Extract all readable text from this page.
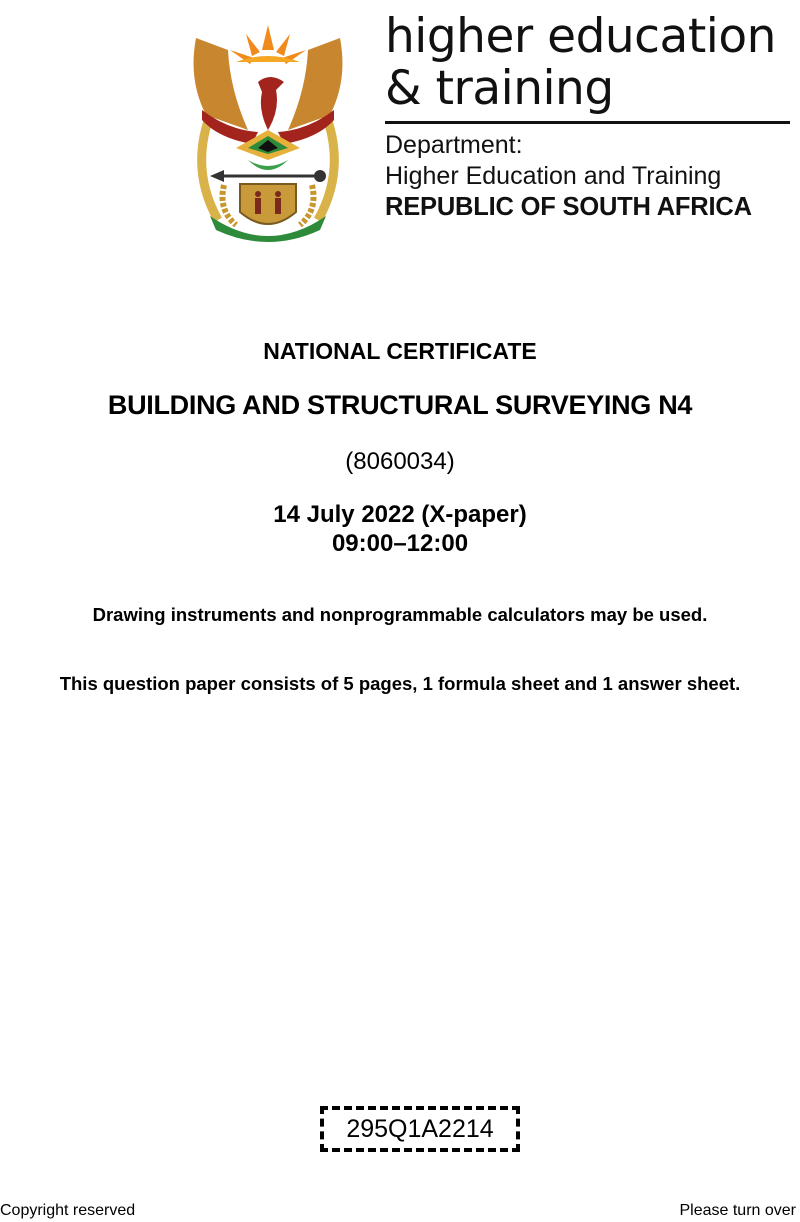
higher education
& training
Department:
Higher Education and Training
REPUBLIC OF SOUTH AFRICA
NATIONAL CERTIFICATE
BUILDING AND STRUCTURAL SURVEYING N4
(8060034)
14 July 2022 (X-paper)
09:00–12:00
Drawing instruments and nonprogrammable calculators may be used.
This question paper consists of 5 pages, 1 formula sheet and 1 answer sheet.
295Q1A2214
Copyright reserved	Please turn over
